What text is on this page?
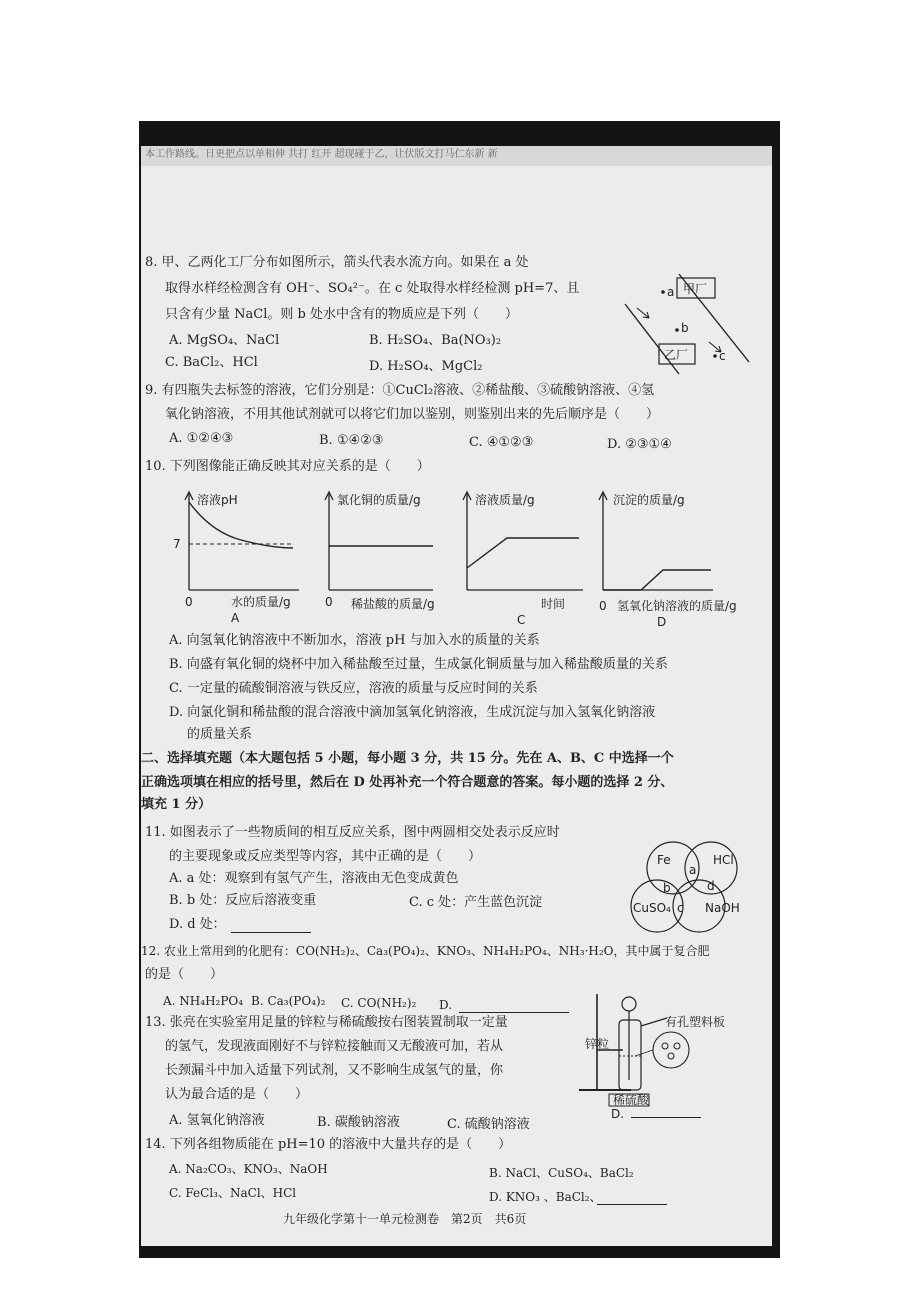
本工作路线。日更把点以单相伸 共打 红开 超现碰于乙，让伏版文打马仁东新 新
8. 甲、乙两化工厂分布如图所示，箭头代表水流方向。如果在 a 处
取得水样经检测含有 OH⁻、SO₄²⁻。在 c 处取得水样经检测 pH=7、且
只含有少量 NaCl。则 b 处水中含有的物质应是下列（　　）
A. MgSO₄、NaCl	B. H₂SO₄、Ba(NO₃)₂
C. BaCl₂、HCl	D. H₂SO₄、MgCl₂
甲厂
乙厂
a
b
c
9. 有四瓶失去标签的溶液，它们分别是：①CuCl₂溶液、②稀盐酸、③硫酸钠溶液、④氢
氧化钠溶液，不用其他试剂就可以将它们加以鉴别，则鉴别出来的先后顺序是（　　）
A. ①②④③	B. ①④②③	C. ④①②③	D. ②③①④
10. 下列图像能正确反映其对应关系的是（　　）
溶液pH
7
0	水的质量/g
A
氯化铜的质量/g
0 稀盐酸的质量/g
溶液质量/g
时间
C
沉淀的质量/g
0 氢氧化钠溶液的质量/g
D
A. 向氢氧化钠溶液中不断加水，溶液 pH 与加入水的质量的关系
B. 向盛有氧化铜的烧杯中加入稀盐酸至过量，生成氯化铜质量与加入稀盐酸质量的关系
C. 一定量的硫酸铜溶液与铁反应，溶液的质量与反应时间的关系
D. 向氯化铜和稀盐酸的混合溶液中滴加氢氧化钠溶液，生成沉淀与加入氢氧化钠溶液
的质量关系
二、选择填充题（本大题包括 5 小题，每小题 3 分，共 15 分。先在 A、B、C 中选择一个
正确选项填在相应的括号里，然后在 D 处再补充一个符合题意的答案。每小题的选择 2 分、
填充 1 分）
11. 如图表示了一些物质间的相互反应关系，图中两圆相交处表示反应时
的主要现象或反应类型等内容，其中正确的是（　　）
A. a 处：观察到有氢气产生，溶液由无色变成黄色
B. b 处：反应后溶液变重	C. c 处：产生蓝色沉淀
D. d 处：
Fe	HCl
CuSO₄	NaOH
a
b
c
d
12. 农业上常用到的化肥有：CO(NH₂)₂、Ca₃(PO₄)₂、KNO₃、NH₄H₂PO₄、NH₃·H₂O，其中属于复合肥
的是（　　）
A. NH₄H₂PO₄ B. Ca₃(PO₄)₂ C. CO(NH₂)₂ D.
13. 张亮在实验室用足量的锌粒与稀硫酸按右图装置制取一定量
的氢气，发现液面刚好不与锌粒接触而又无酸液可加，若从
长颈漏斗中加入适量下列试剂，又不影响生成氢气的量，你
认为最合适的是（　　）
A. 氢氧化钠溶液	B. 碳酸钠溶液	C. 硫酸钠溶液
有孔塑料板
锌粒
稀硫酸
D.
14. 下列各组物质能在 pH=10 的溶液中大量共存的是（　　）
A. Na₂CO₃、KNO₃、NaOH	B. NaCl、CuSO₄、BaCl₂
C. FeCl₃、NaCl、HCl	D. KNO₃ 、BaCl₂、
九年级化学第十一单元检测卷　第2页　共6页
